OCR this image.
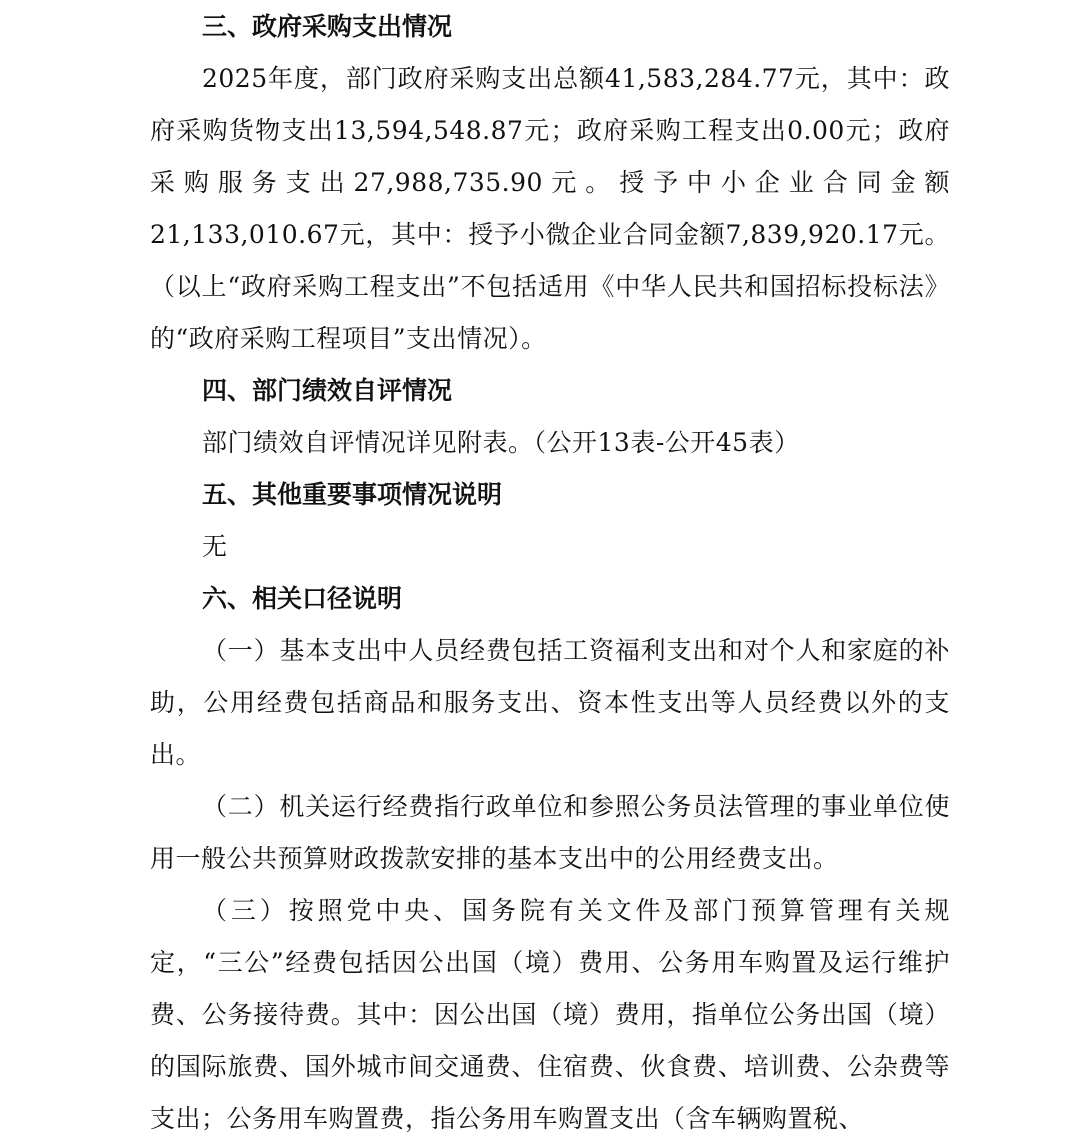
三、政府采购支出情况

2025年度，部门政府采购支出总额41,583,284.77元，其中：政府采购货物支出13,594,548.87元；政府采购工程支出0.00元；政府采购服务支出27,988,735.90元。授予中小企业合同金额21,133,010.67元，其中：授予小微企业合同金额7,839,920.17元。（以上“政府采购工程支出”不包括适用《中华人民共和国招标投标法》的“政府采购工程项目”支出情况）。

四、部门绩效自评情况

部门绩效自评情况详见附表。（公开13表-公开45表）

五、其他重要事项情况说明

无

六、相关口径说明

（一）基本支出中人员经费包括工资福利支出和对个人和家庭的补助，公用经费包括商品和服务支出、资本性支出等人员经费以外的支出。

（二）机关运行经费指行政单位和参照公务员法管理的事业单位使用一般公共预算财政拨款安排的基本支出中的公用经费支出。

（三）按照党中央、国务院有关文件及部门预算管理有关规定，“三公”经费包括因公出国（境）费用、公务用车购置及运行维护费、公务接待费。其中：因公出国（境）费用，指单位公务出国（境）的国际旅费、国外城市间交通费、住宿费、伙食费、培训费、公杂费等支出；公务用车购置费，指公务用车购置支出（含车辆购置税、
